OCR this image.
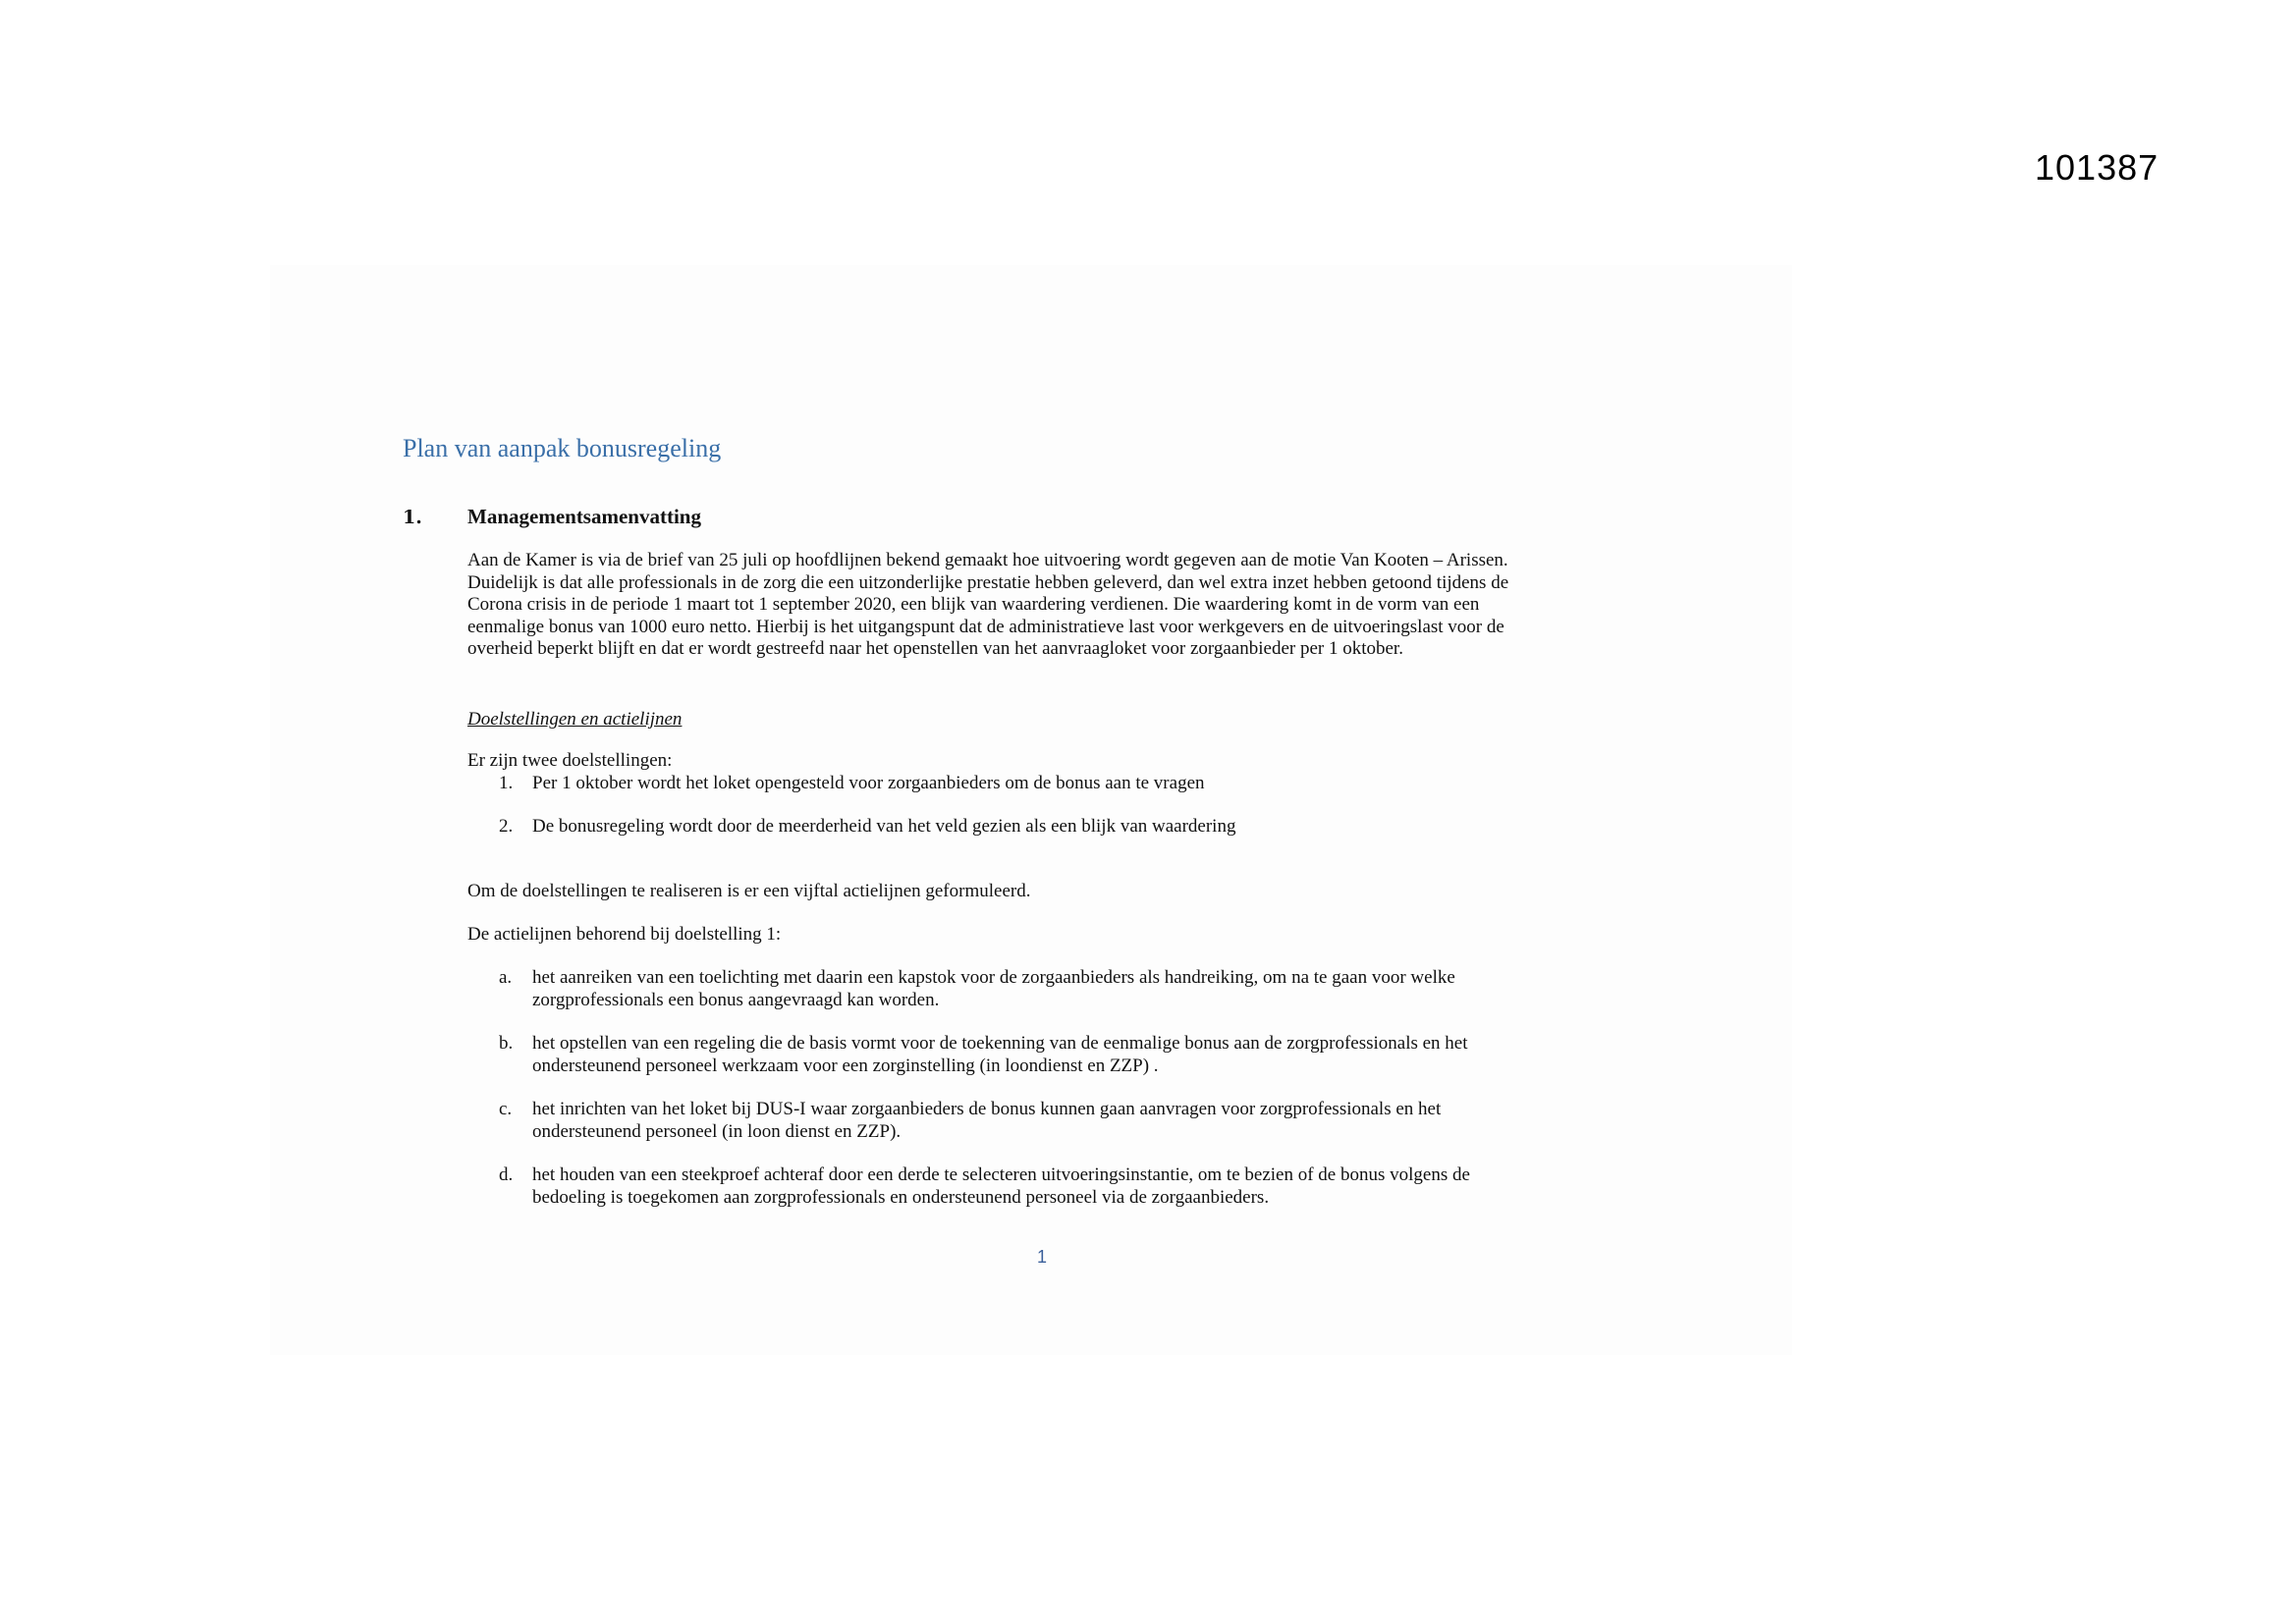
101387
Plan van aanpak bonusregeling
1. Managementsamenvatting

Aan de Kamer is via de brief van 25 juli op hoofdlijnen bekend gemaakt hoe uitvoering wordt gegeven aan de motie Van Kooten – Arissen.

Duidelijk is dat alle professionals in de zorg die een uitzonderlijke prestatie hebben geleverd, dan wel extra inzet hebben getoond tijdens de

Corona crisis in de periode 1 maart tot 1 september 2020, een blijk van waardering verdienen. Die waardering komt in de vorm van een

eenmalige bonus van 1000 euro netto. Hierbij is het uitgangspunt dat de administratieve last voor werkgevers en de uitvoeringslast voor de

overheid beperkt blijft en dat er wordt gestreefd naar het openstellen van het aanvraagloket voor zorgaanbieder per 1 oktober.

Doelstellingen en actielijnen
Er zijn twee doelstellingen:
1.	Per 1 oktober wordt het loket opengesteld voor zorgaanbieders om de bonus aan te vragen
2.	De bonusregeling wordt door de meerderheid van het veld gezien als een blijk van waardering
Om de doelstellingen te realiseren is er een vijftal actielijnen geformuleerd.
De actielijnen behorend bij doelstelling 1:
a.	het aanreiken van een toelichting met daarin een kapstok voor de zorgaanbieders als handreiking, om na te gaan voor welke
zorgprofessionals een bonus aangevraagd kan worden.
b.	het opstellen van een regeling die de basis vormt voor de toekenning van de eenmalige bonus aan de zorgprofessionals en het
ondersteunend personeel werkzaam voor een zorginstelling (in loondienst en ZZP) .
c.	het inrichten van het loket bij DUS-I waar zorgaanbieders de bonus kunnen gaan aanvragen voor zorgprofessionals en het
ondersteunend personeel (in loon dienst en ZZP).
d.	het houden van een steekproef achteraf door een derde te selecteren uitvoeringsinstantie, om te bezien of de bonus volgens de
bedoeling is toegekomen aan zorgprofessionals en ondersteunend personeel via de zorgaanbieders.
1
